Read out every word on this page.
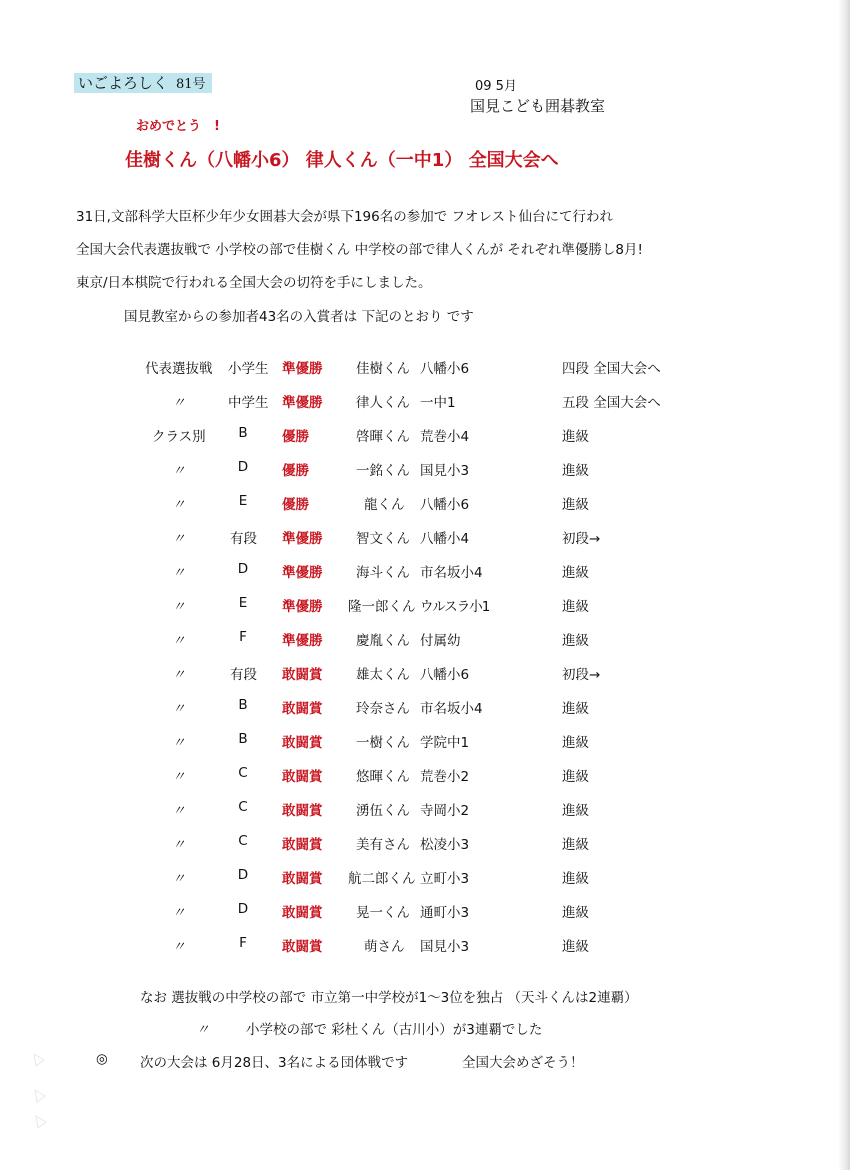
いごよろしく 81号	09 5月
国見こども囲碁教室
おめでとう　!
佳樹くん（八幡小6） 律人くん（一中1） 全国大会へ
31日,文部科学大臣杯少年少女囲碁大会が県下196名の参加で フオレスト仙台にて行われ
全国大会代表選抜戦で 小学校の部で佳樹くん 中学校の部で律人くんが それぞれ準優勝し8月!
東京/日本棋院で行われる全国大会の切符を手にしました。
国見教室からの参加者43名の入賞者は 下記のとおり です
代表選抜戦 小学生 準優勝 佳樹くん 八幡小6	四段 全国大会へ
〃	中学生 準優勝 律人くん 一中1	五段 全国大会へ
クラス別 B	優勝	啓暉くん 荒巻小4	進級
〃	D	優勝	一銘くん 国見小3	進級
〃	E	優勝	龍くん 八幡小6	進級
〃	有段 準優勝 智文くん 八幡小4	初段→
〃	D	準優勝 海斗くん 市名坂小4	進級
〃	E	準優勝 隆一郎くん ウルスラ小1	進級
〃	F	準優勝 慶胤くん 付属幼	進級
〃	有段 敢闘賞 雄太くん 八幡小6	初段→
〃	B	敢闘賞 玲奈さん 市名坂小4	進級
〃	B	敢闘賞 一樹くん 学院中1	進級
〃	C	敢闘賞 悠暉くん 荒巻小2	進級
〃	C	敢闘賞 湧伍くん 寺岡小2	進級
〃	C	敢闘賞 美有さん 松凌小3	進級
〃	D	敢闘賞 航二郎くん 立町小3	進級
〃	D	敢闘賞 晃一くん 通町小3	進級
〃	F	敢闘賞	萌さん 国見小3	進級
なお 選抜戦の中学校の部で 市立第一中学校が1～3位を独占 （天斗くんは2連覇）
〃	小学校の部で 彩杜くん（古川小）が3連覇でした
◎ 次の大会は 6月28日、3名による団体戦です	全国大会めざそう！
